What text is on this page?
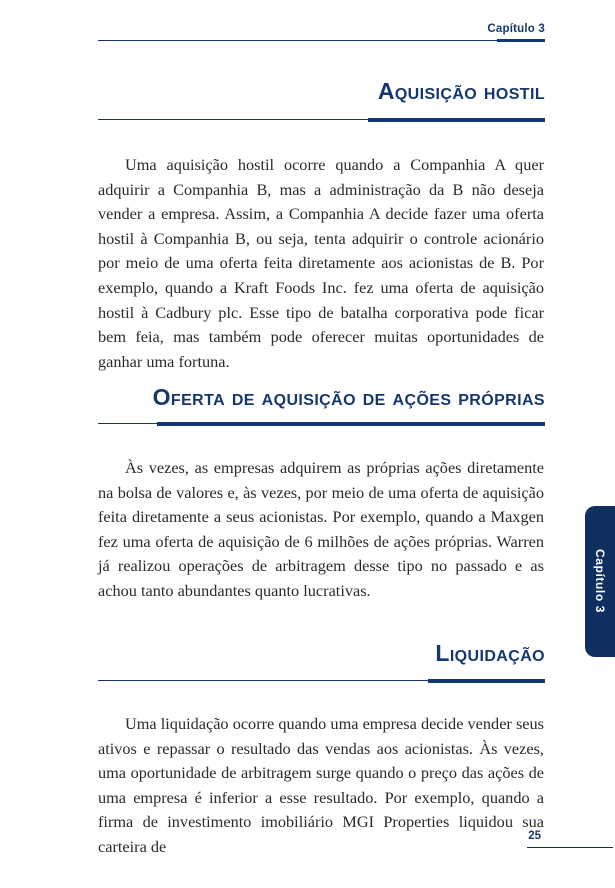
Capítulo 3
Aquisição hostil

Uma aquisição hostil ocorre quando a Companhia A quer adquirir a Companhia B, mas a administração da B não deseja vender a empresa. Assim, a Companhia A decide fazer uma oferta hostil à Companhia B, ou seja, tenta adquirir o controle acionário por meio de uma oferta feita diretamente aos acionistas de B. Por exemplo, quando a Kraft Foods Inc. fez uma oferta de aquisição hostil à Cadbury plc. Esse tipo de batalha corporativa pode ficar bem feia, mas também pode oferecer muitas oportunidades de ganhar uma fortuna.

Oferta de aquisição de ações próprias

Às vezes, as empresas adquirem as próprias ações diretamente na bolsa de valores e, às vezes, por meio de uma oferta de aquisição feita diretamente a seus acionistas. Por exemplo, quando a Maxgen fez uma oferta de aquisição de 6 milhões de ações próprias. Warren já realizou operações de arbitragem desse tipo no passado e as achou tanto abundantes quanto lucrativas.

Liquidação

Uma liquidação ocorre quando uma empresa decide vender seus ativos e repassar o resultado das vendas aos acionistas. Às vezes, uma oportunidade de arbitragem surge quando o preço das ações de uma empresa é inferior a esse resultado. Por exemplo, quando a firma de investimento imobiliário MGI Properties liquidou sua carteira de

Capítulo 3
25
